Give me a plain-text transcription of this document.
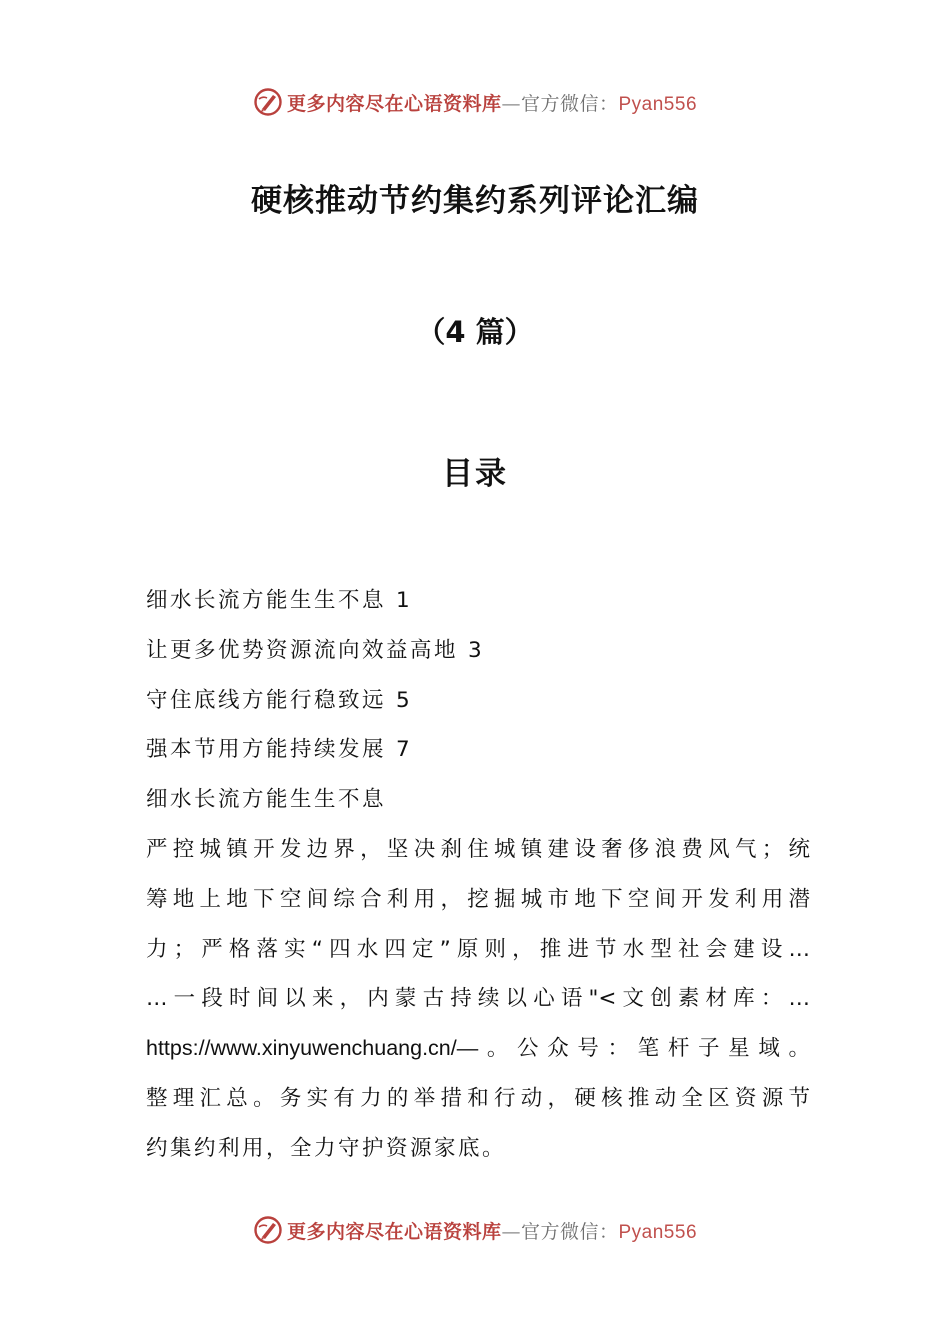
更多内容尽在心语资料库—官方微信：Pyan556
硬核推动节约集约系列评论汇编
（4 篇）
目录
细水长流方能生生不息 1
让更多优势资源流向效益高地 3
守住底线方能行稳致远 5
强本节用方能持续发展 7
细水长流方能生生不息
严控城镇开发边界，坚决刹住城镇建设奢侈浪费风气；统
筹地上地下空间综合利用，挖掘城市地下空间开发利用潜
力；严格落实“四水四定”原则，推进节水型社会建设…
…一段时间以来，内蒙古持续以心语"<文创素材库：…
https://www.xinyuwenchuang.cn/—。公众号：笔杆子星域。
整理汇总。务实有力的举措和行动，硬核推动全区资源节
约集约利用，全力守护资源家底。
更多内容尽在心语资料库—官方微信：Pyan556
